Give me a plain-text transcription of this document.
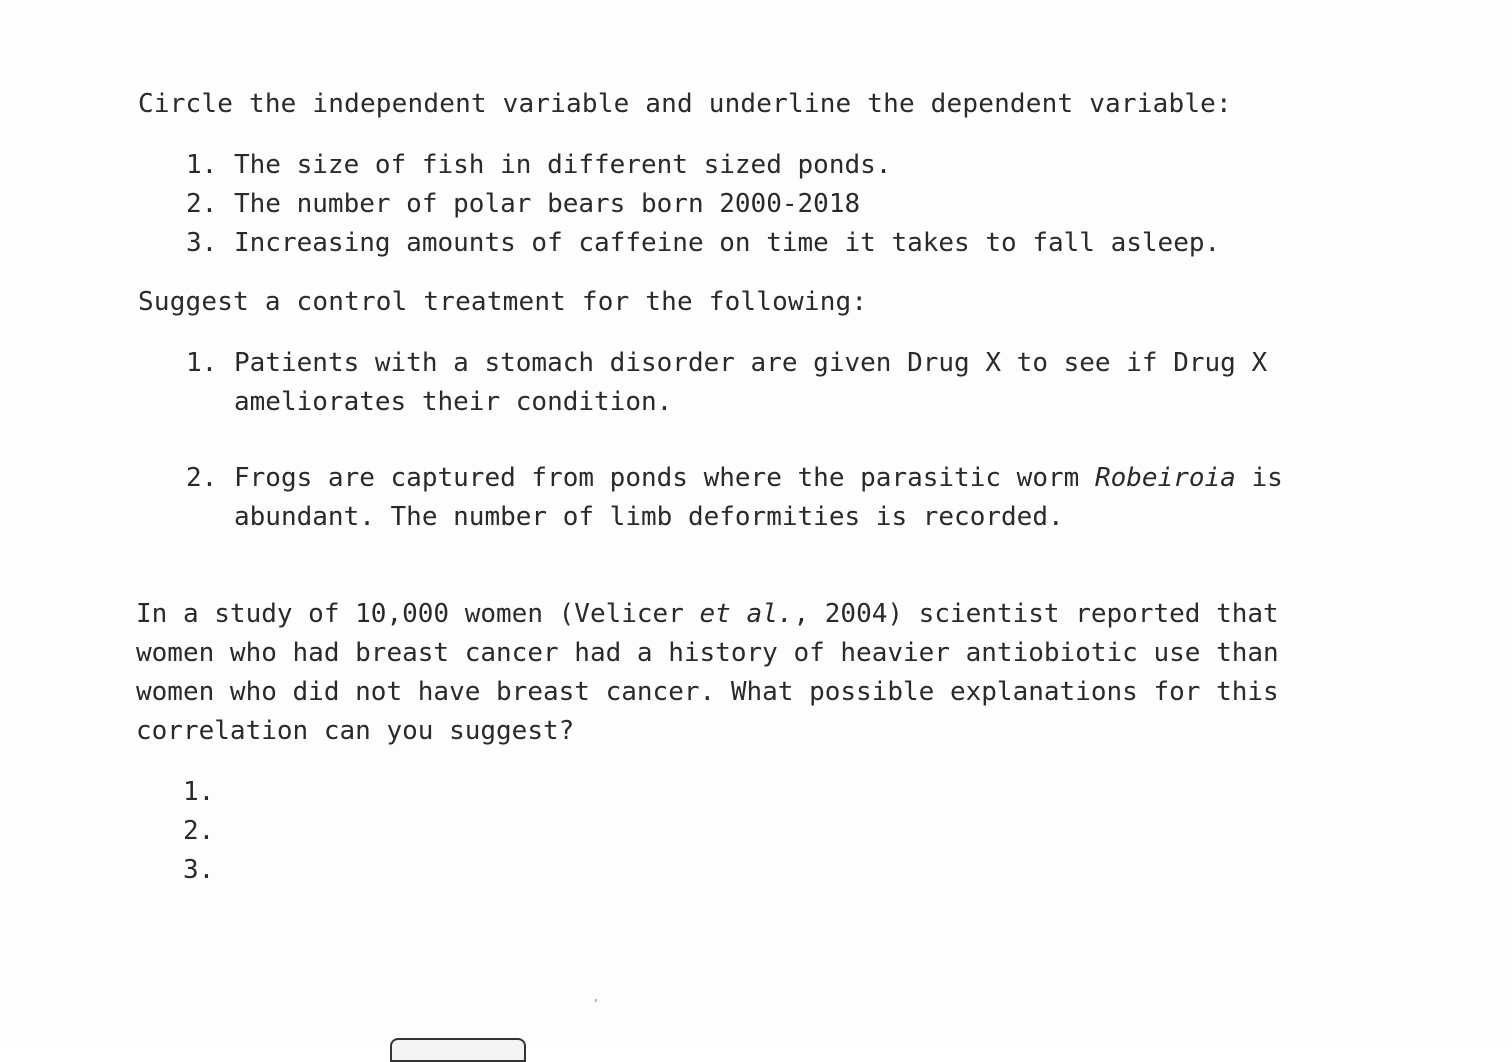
Circle the independent variable and underline the dependent variable:
1. The size of fish in different sized ponds.
2. The number of polar bears born 2000-2018
3. Increasing amounts of caffeine on time it takes to fall asleep.
Suggest a control treatment for the following:
1. Patients with a stomach disorder are given Drug X to see if Drug X
ameliorates their condition.
2. Frogs are captured from ponds where the parasitic worm Robeiroia is
abundant. The number of limb deformities is recorded.
In a study of 10,000 women (Velicer et al., 2004) scientist reported that
women who had breast cancer had a history of heavier antiobiotic use than
women who did not have breast cancer. What possible explanations for this
correlation can you suggest?
1.
2.
3.
ʼ
